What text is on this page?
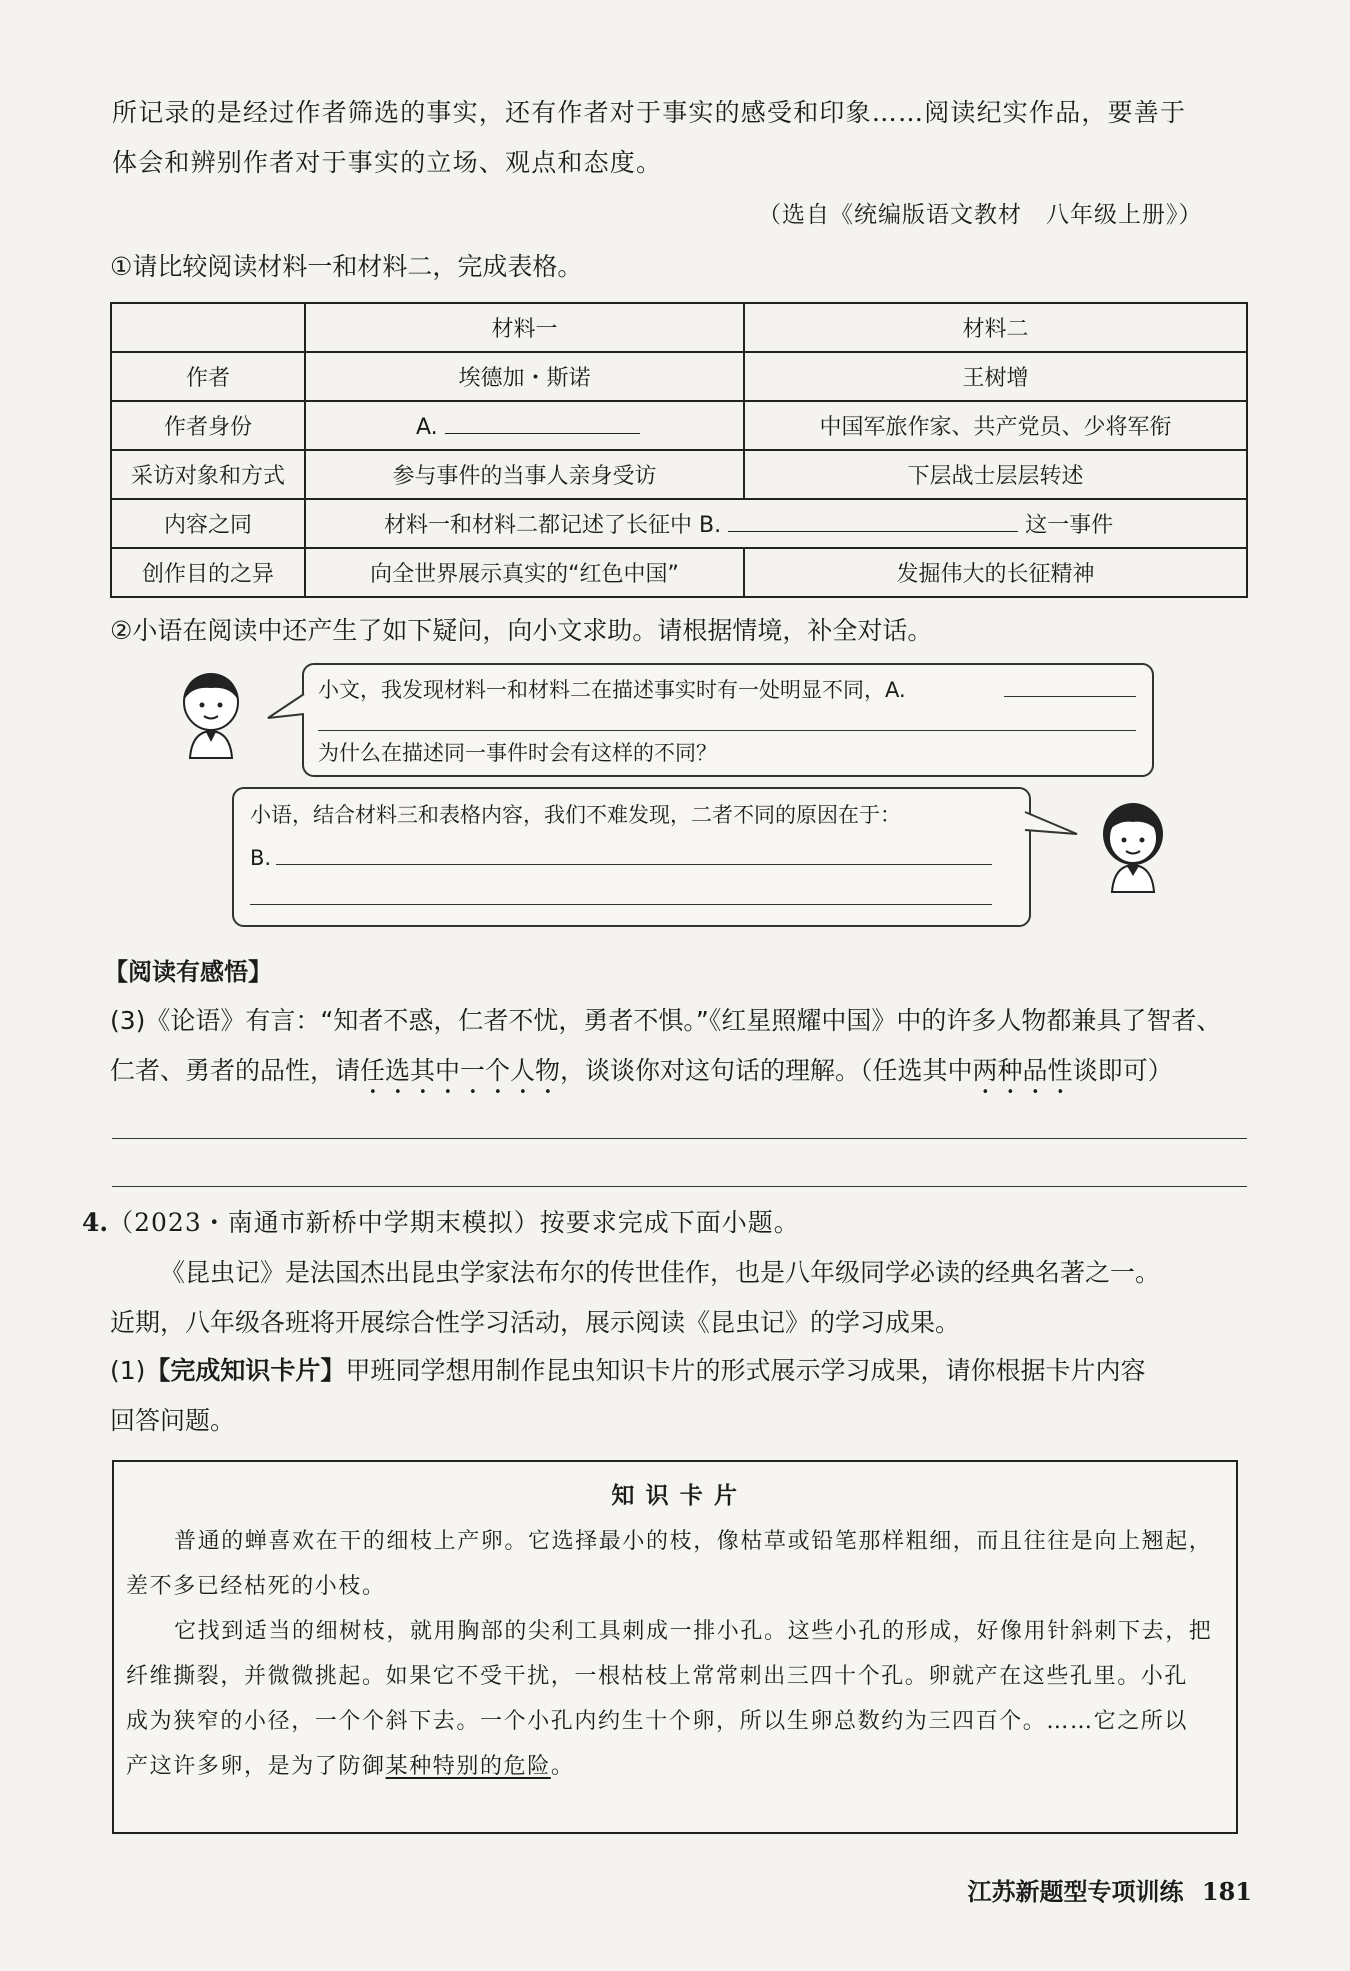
所记录的是经过作者筛选的事实，还有作者对于事实的感受和印象……阅读纪实作品，要善于
体会和辨别作者对于事实的立场、观点和态度。
（选自《统编版语文教材　八年级上册》）
①请比较阅读材料一和材料二，完成表格。
	材料一	材料二
作者	埃德加・斯诺	王树增
作者身份	A.	中国军旅作家、共产党员、少将军衔
采访对象和方式	参与事件的当事人亲身受访	下层战士层层转述
内容之同	材料一和材料二都记述了长征中 B. 这一事件	
创作目的之异	向全世界展示真实的“红色中国”	发掘伟大的长征精神
②小语在阅读中还产生了如下疑问，向小文求助。请根据情境，补全对话。
小文，我发现材料一和材料二在描述事实时有一处明显不同，A.
为什么在描述同一事件时会有这样的不同？
小语，结合材料三和表格内容，我们不难发现，二者不同的原因在于：
B.
【阅读有感悟】
(3)《论语》有言：“知者不惑，仁者不忧，勇者不惧。”《红星照耀中国》中的许多人物都兼具了智者、
仁者、勇者的品性，请任选其中一个人物，谈谈你对这句话的理解。（任选其中两种品性谈即可）
4.（2023・南通市新桥中学期末模拟）按要求完成下面小题。
《昆虫记》是法国杰出昆虫学家法布尔的传世佳作，也是八年级同学必读的经典名著之一。
近期，八年级各班将开展综合性学习活动，展示阅读《昆虫记》的学习成果。
(1)【完成知识卡片】甲班同学想用制作昆虫知识卡片的形式展示学习成果，请你根据卡片内容
回答问题。
知 识 卡 片
普通的蝉喜欢在干的细枝上产卵。它选择最小的枝，像枯草或铅笔那样粗细，而且往往是向上翘起，
差不多已经枯死的小枝。
它找到适当的细树枝，就用胸部的尖利工具刺成一排小孔。这些小孔的形成，好像用针斜刺下去，把
纤维撕裂，并微微挑起。如果它不受干扰，一根枯枝上常常刺出三四十个孔。卵就产在这些孔里。小孔
成为狭窄的小径，一个个斜下去。一个小孔内约生十个卵，所以生卵总数约为三四百个。……它之所以
产这许多卵，是为了防御某种特别的危险。
江苏新题型专项训练 181
